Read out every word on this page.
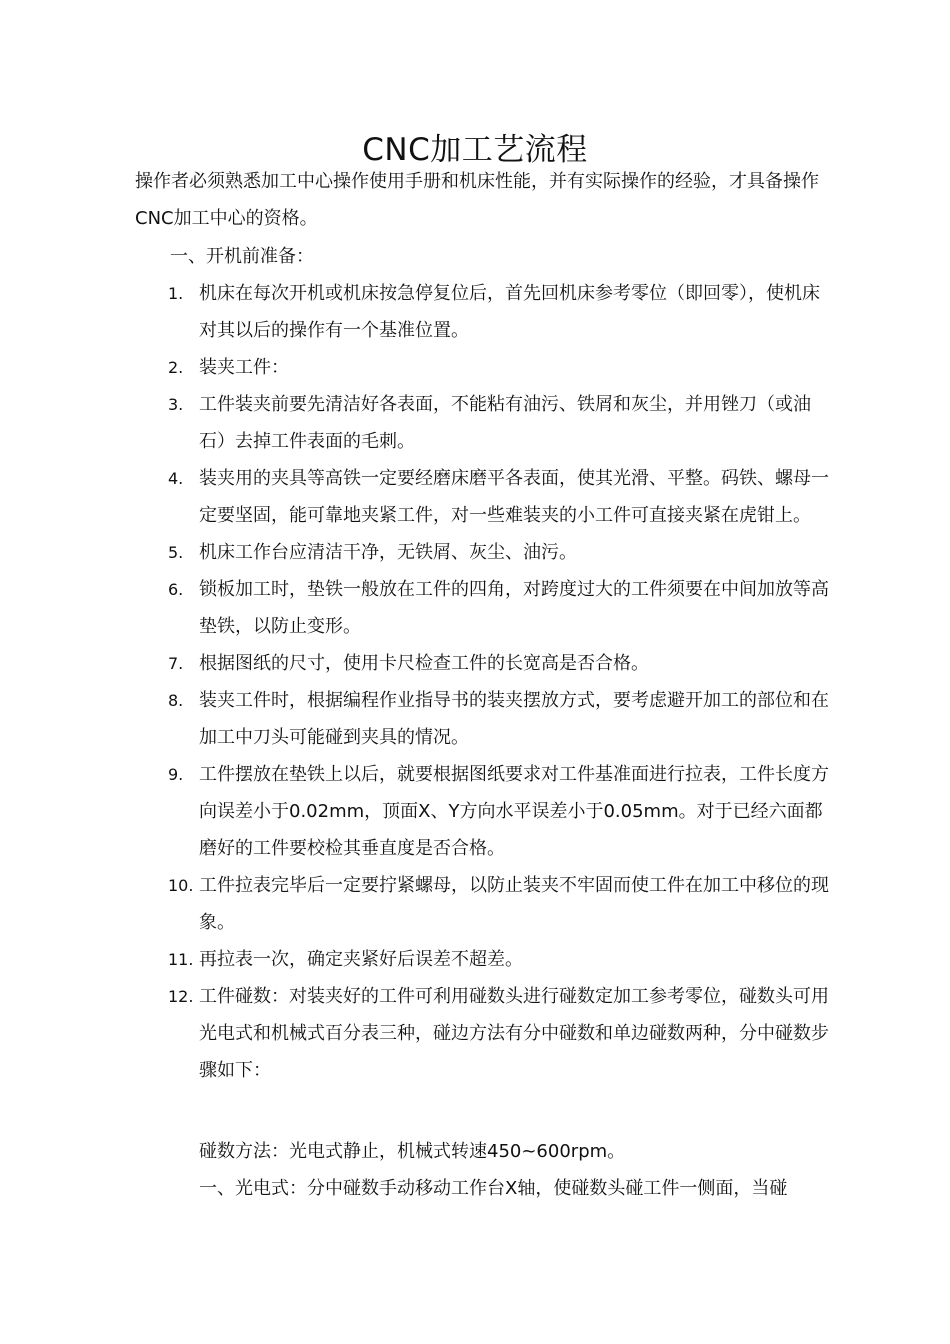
CNC加工艺流程

操作者必须熟悉加工中心操作使用手册和机床性能，并有实际操作的经验，才具备操作CNC加工中心的资格。

一、开机前准备：

1. 机床在每次开机或机床按急停复位后，首先回机床参考零位（即回零），使机床对其以后的操作有一个基准位置。
2. 装夹工件：
3. 工件装夹前要先清洁好各表面，不能粘有油污、铁屑和灰尘，并用锉刀（或油石）去掉工件表面的毛刺。
4. 装夹用的夹具等高铁一定要经磨床磨平各表面，使其光滑、平整。码铁、螺母一定要坚固，能可靠地夹紧工件，对一些难装夹的小工件可直接夹紧在虎钳上。
5. 机床工作台应清洁干净，无铁屑、灰尘、油污。
6. 锁板加工时，垫铁一般放在工件的四角，对跨度过大的工件须要在中间加放等高垫铁，以防止变形。
7. 根据图纸的尺寸，使用卡尺检查工件的长宽高是否合格。
8. 装夹工件时，根据编程作业指导书的装夹摆放方式，要考虑避开加工的部位和在加工中刀头可能碰到夹具的情况。
9. 工件摆放在垫铁上以后，就要根据图纸要求对工件基准面进行拉表，工件长度方向误差小于0.02mm，顶面X、Y方向水平误差小于0.05mm。对于已经六面都磨好的工件要校检其垂直度是否合格。
10. 工件拉表完毕后一定要拧紧螺母，以防止装夹不牢固而使工件在加工中移位的现象。
11. 再拉表一次，确定夹紧好后误差不超差。
12. 工件碰数：对装夹好的工件可利用碰数头进行碰数定加工参考零位，碰数头可用光电式和机械式百分表三种，碰边方法有分中碰数和单边碰数两种，分中碰数步骤如下：

碰数方法：光电式静止，机械式转速450~600rpm。

一、光电式：分中碰数手动移动工作台X轴，使碰数头碰工件一侧面，当碰
